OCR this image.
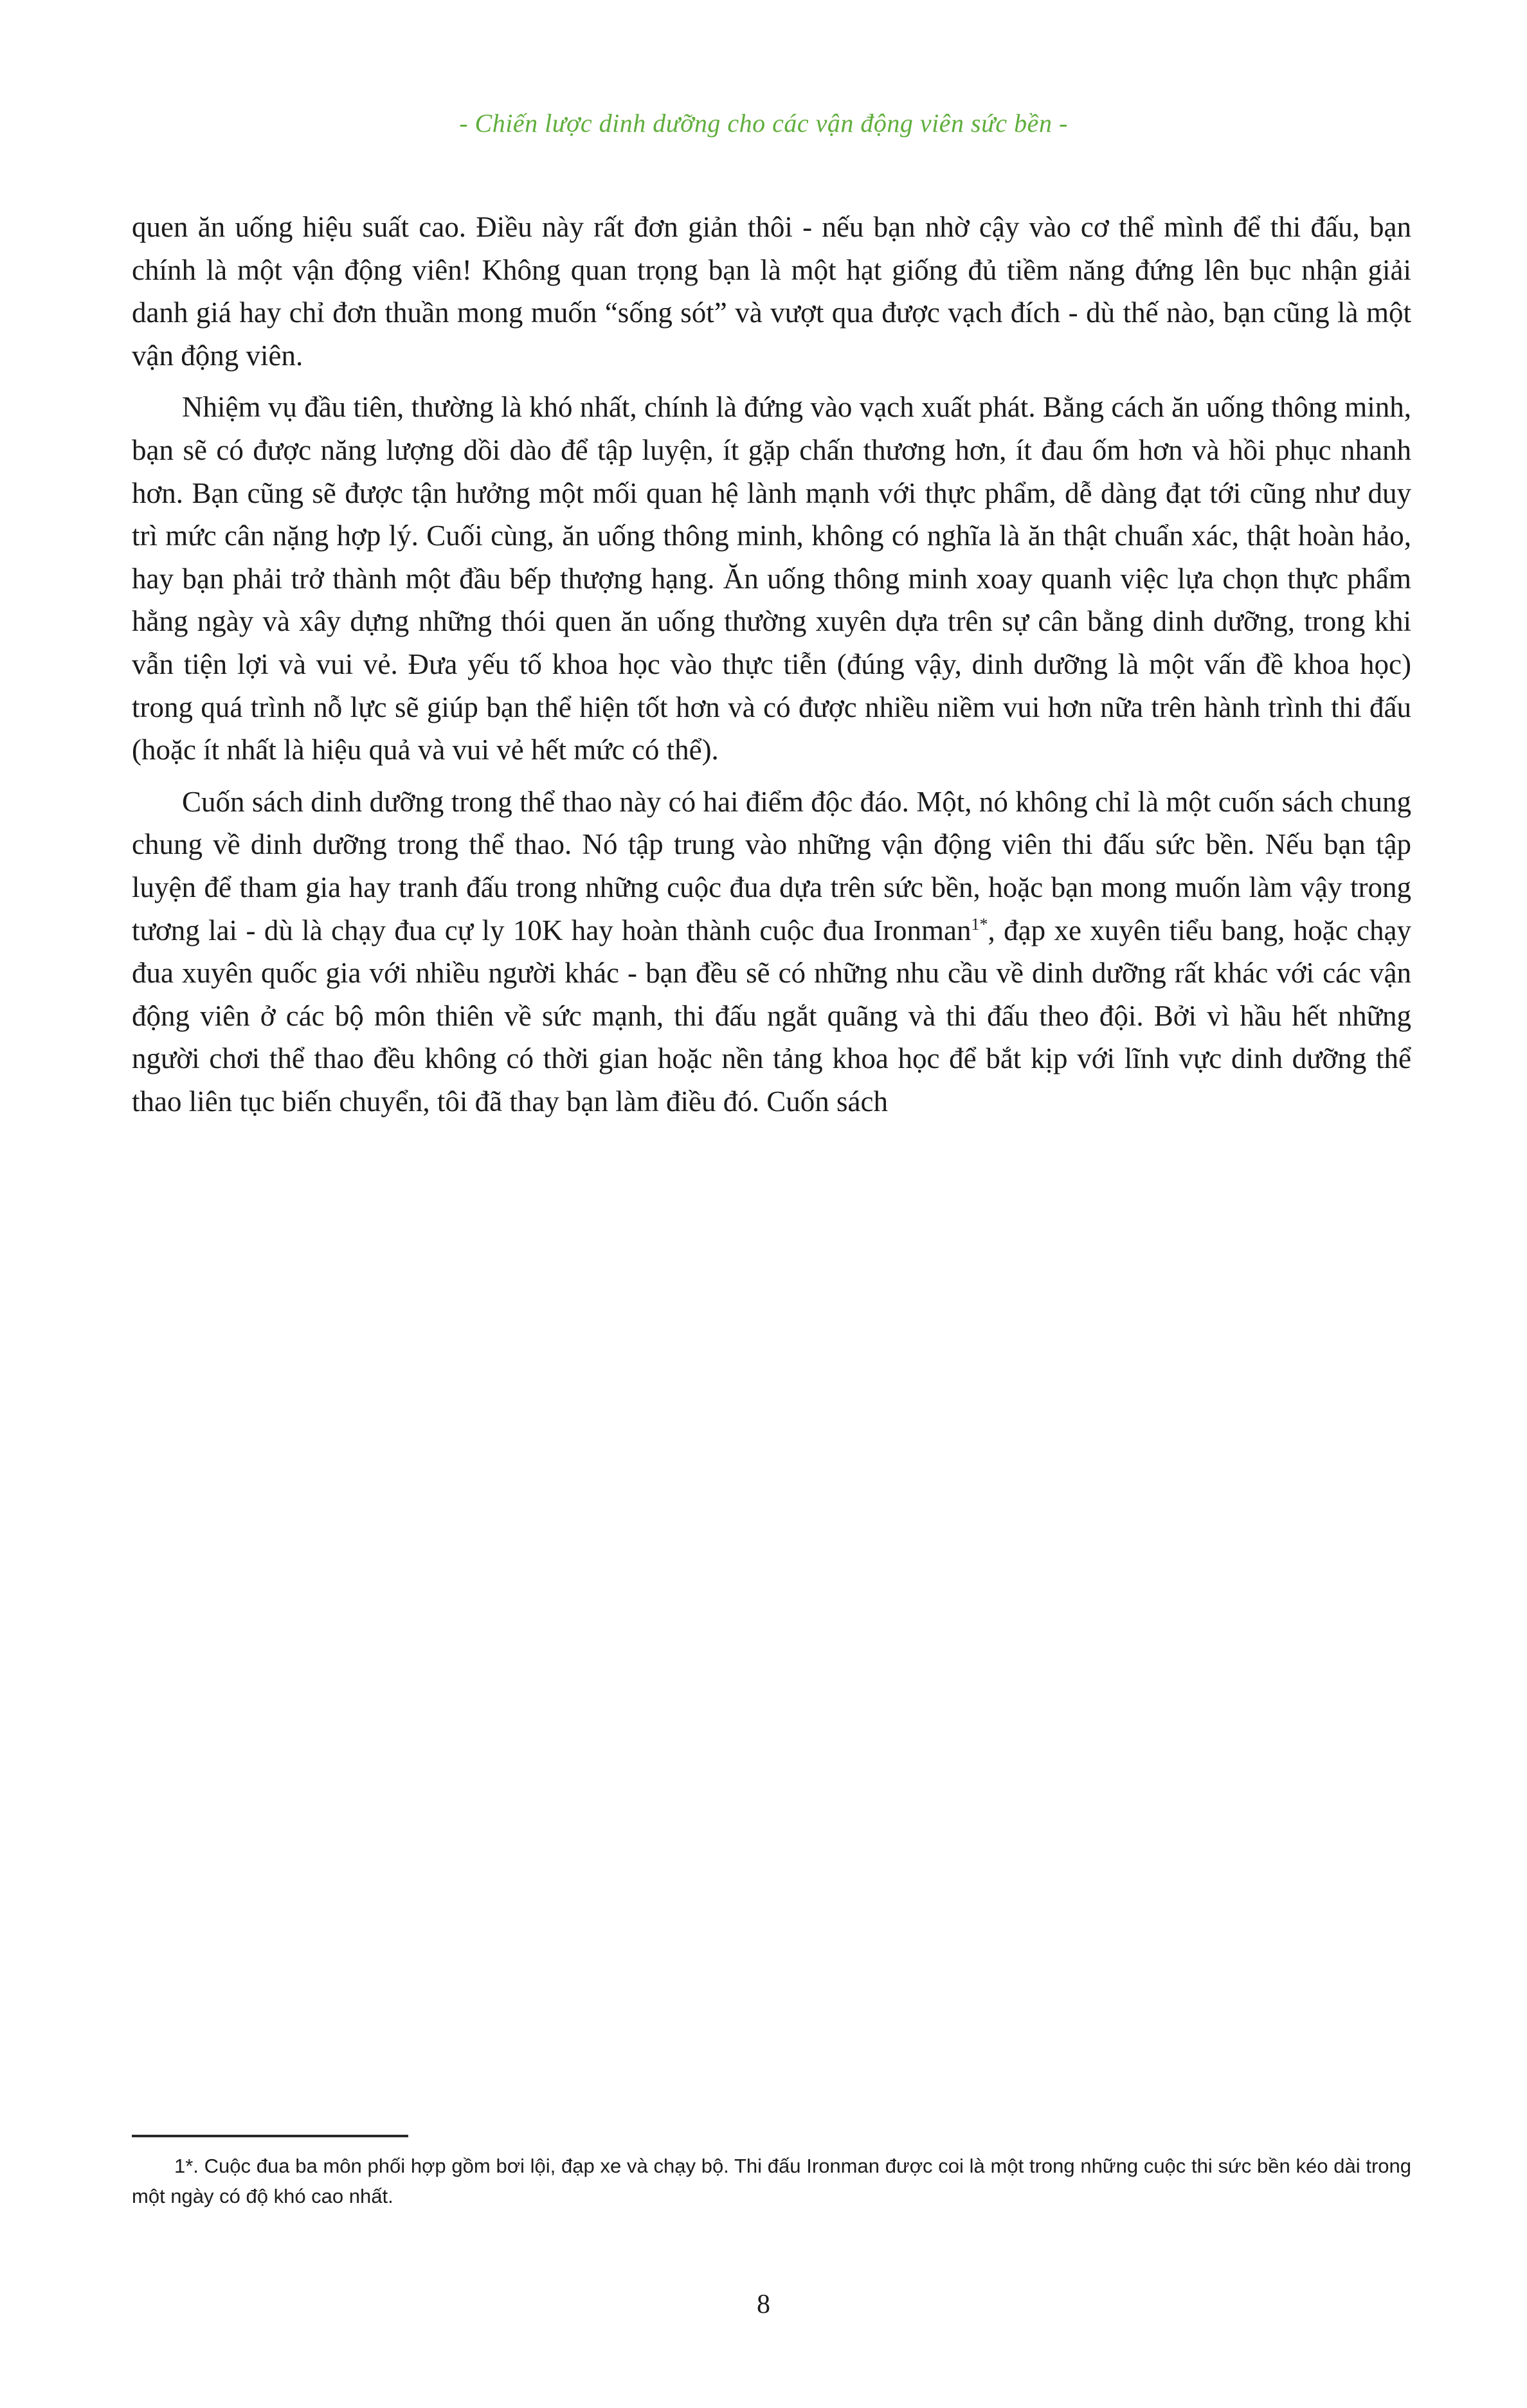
- Chiến lược dinh dưỡng cho các vận động viên sức bền -

quen ăn uống hiệu suất cao. Điều này rất đơn giản thôi - nếu bạn nhờ cậy vào cơ thể mình để thi đấu, bạn chính là một vận động viên! Không quan trọng bạn là một hạt giống đủ tiềm năng đứng lên bục nhận giải danh giá hay chỉ đơn thuần mong muốn “sống sót” và vượt qua được vạch đích - dù thế nào, bạn cũng là một vận động viên.

Nhiệm vụ đầu tiên, thường là khó nhất, chính là đứng vào vạch xuất phát. Bằng cách ăn uống thông minh, bạn sẽ có được năng lượng dồi dào để tập luyện, ít gặp chấn thương hơn, ít đau ốm hơn và hồi phục nhanh hơn. Bạn cũng sẽ được tận hưởng một mối quan hệ lành mạnh với thực phẩm, dễ dàng đạt tới cũng như duy trì mức cân nặng hợp lý. Cuối cùng, ăn uống thông minh, không có nghĩa là ăn thật chuẩn xác, thật hoàn hảo, hay bạn phải trở thành một đầu bếp thượng hạng. Ăn uống thông minh xoay quanh việc lựa chọn thực phẩm hằng ngày và xây dựng những thói quen ăn uống thường xuyên dựa trên sự cân bằng dinh dưỡng, trong khi vẫn tiện lợi và vui vẻ. Đưa yếu tố khoa học vào thực tiễn (đúng vậy, dinh dưỡng là một vấn đề khoa học) trong quá trình nỗ lực sẽ giúp bạn thể hiện tốt hơn và có được nhiều niềm vui hơn nữa trên hành trình thi đấu (hoặc ít nhất là hiệu quả và vui vẻ hết mức có thể).

Cuốn sách dinh dưỡng trong thể thao này có hai điểm độc đáo. Một, nó không chỉ là một cuốn sách chung chung về dinh dưỡng trong thể thao. Nó tập trung vào những vận động viên thi đấu sức bền. Nếu bạn tập luyện để tham gia hay tranh đấu trong những cuộc đua dựa trên sức bền, hoặc bạn mong muốn làm vậy trong tương lai - dù là chạy đua cự ly 10K hay hoàn thành cuộc đua Ironman$^{1*}$, đạp xe xuyên tiểu bang, hoặc chạy đua xuyên quốc gia với nhiều người khác - bạn đều sẽ có những nhu cầu về dinh dưỡng rất khác với các vận động viên ở các bộ môn thiên về sức mạnh, thi đấu ngắt quãng và thi đấu theo đội. Bởi vì hầu hết những người chơi thể thao đều không có thời gian hoặc nền tảng khoa học để bắt kịp với lĩnh vực dinh dưỡng thể thao liên tục biến chuyển, tôi đã thay bạn làm điều đó. Cuốn sách

1*. Cuộc đua ba môn phối hợp gồm bơi lội, đạp xe và chạy bộ. Thi đấu Ironman được coi là một trong những cuộc thi sức bền kéo dài trong một ngày có độ khó cao nhất.
8
